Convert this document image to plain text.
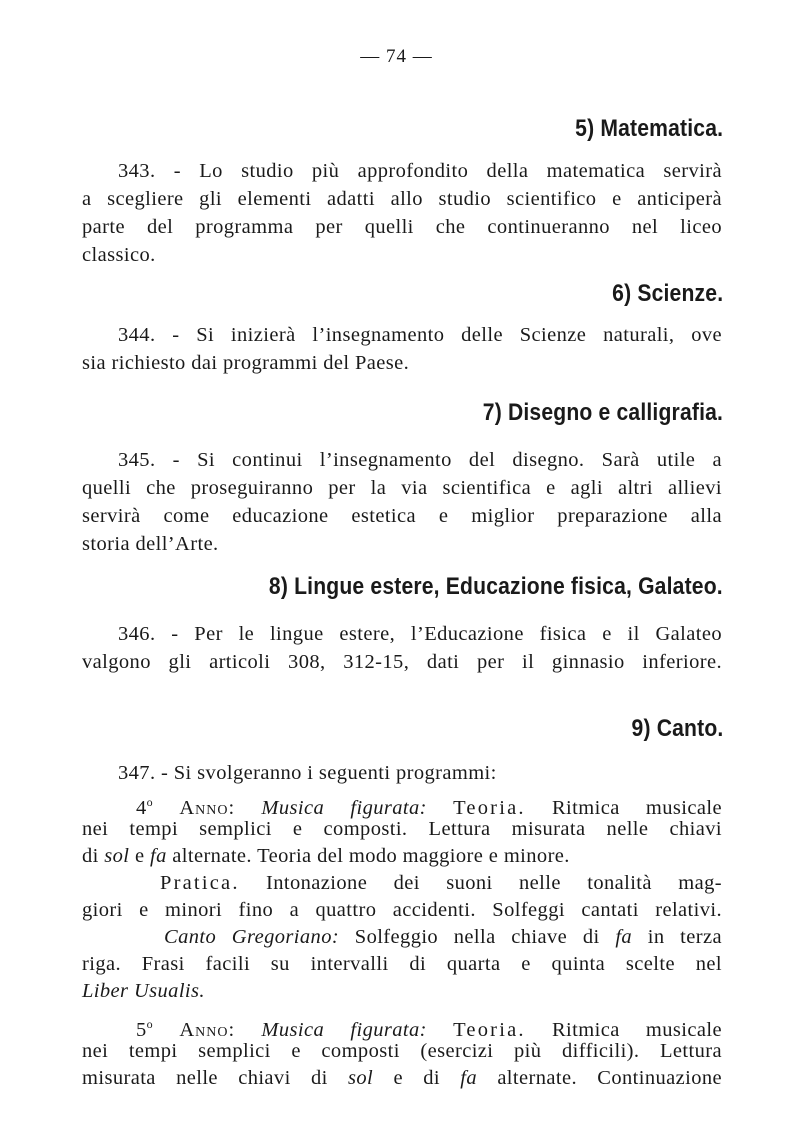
— 74 —
5) Matematica.
343. - Lo studio più approfondito della matematica servirà
a scegliere gli elementi adatti allo studio scientifico e anticiperà
parte del programma per quelli che continueranno nel liceo
classico.
6) Scienze.
344. - Si inizierà l’insegnamento delle Scienze naturali, ove
sia richiesto dai programmi del Paese.
7) Disegno e calligrafia.
345. - Si continui l’insegnamento del disegno. Sarà utile a
quelli che proseguiranno per la via scientifica e agli altri allievi
servirà come educazione estetica e miglior preparazione alla
storia dell’Arte.
8) Lingue estere, Educazione fisica, Galateo.
346. - Per le lingue estere, l’Educazione fisica e il Galateo
valgono gli articoli 308, 312-15, dati per il ginnasio inferiore.
9) Canto.
347. - Si svolgeranno i seguenti programmi:
4$^o$ Anno: Musica figurata: Teoria. Ritmica musicale
nei tempi semplici e composti. Lettura misurata nelle chiavi
di sol e fa alternate. Teoria del modo maggiore e minore.
Pratica. Intonazione dei suoni nelle tonalità mag-
giori e minori fino a quattro accidenti. Solfeggi cantati relativi.
Canto Gregoriano: Solfeggio nella chiave di fa in terza
riga. Frasi facili su intervalli di quarta e quinta scelte nel
Liber Usualis.
5$^o$ Anno: Musica figurata: Teoria. Ritmica musicale
nei tempi semplici e composti (esercizi più difficili). Lettura
misurata nelle chiavi di sol e di fa alternate. Continuazione
